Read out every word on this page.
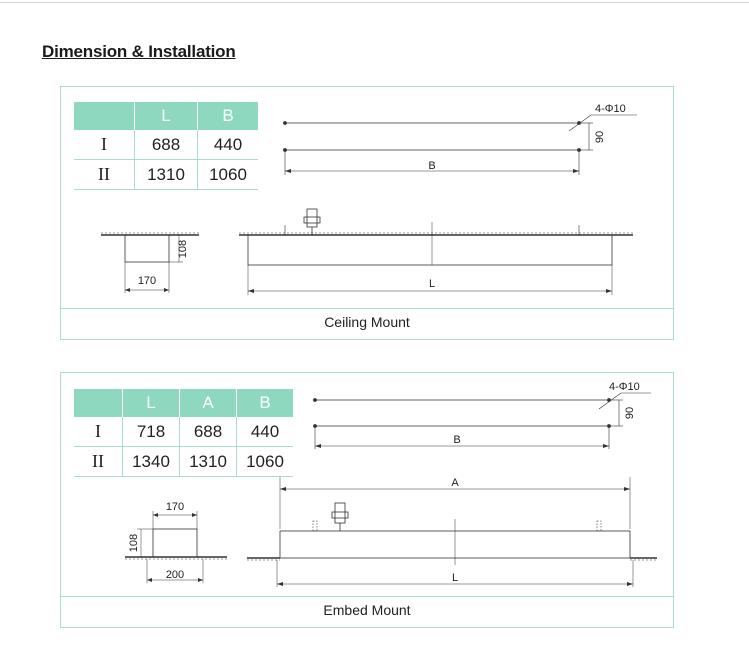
Dimension & Installation
	L	B
I	688	440
II	1310	1060
4-Φ10
90
B
108
170	L
Ceiling Mount
	L	A	B
I	718	688	440
II	1340	1310	1060
4-Φ10
90
B
170
108
200
A
L
Embed Mount
